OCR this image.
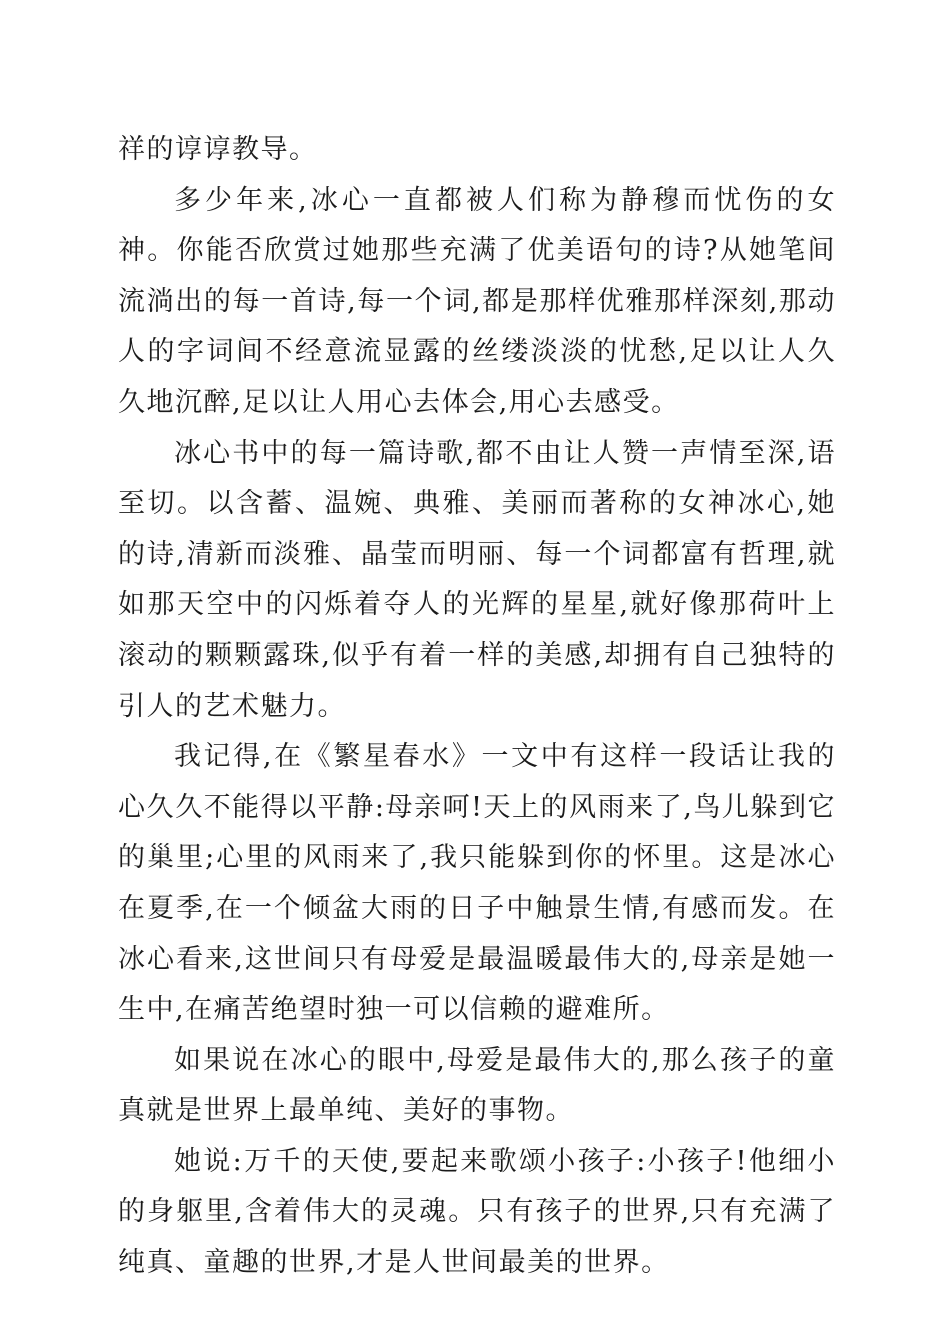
祥的谆谆教导。

多少年来,冰心一直都被人们称为静穆而忧伤的女神。你能否欣赏过她那些充满了优美语句的诗?从她笔间流淌出的每一首诗,每一个词,都是那样优雅那样深刻,那动人的字词间不经意流显露的丝缕淡淡的忧愁,足以让人久久地沉醉,足以让人用心去体会,用心去感受。

冰心书中的每一篇诗歌,都不由让人赞一声情至深,语至切。以含蓄、温婉、典雅、美丽而著称的女神冰心,她的诗,清新而淡雅、晶莹而明丽、每一个词都富有哲理,就如那天空中的闪烁着夺人的光辉的星星,就好像那荷叶上滚动的颗颗露珠,似乎有着一样的美感,却拥有自己独特的引人的艺术魅力。

我记得,在《繁星春水》一文中有这样一段话让我的心久久不能得以平静:母亲呵!天上的风雨来了,鸟儿躲到它的巢里;心里的风雨来了,我只能躲到你的怀里。这是冰心在夏季,在一个倾盆大雨的日子中触景生情,有感而发。在冰心看来,这世间只有母爱是最温暖最伟大的,母亲是她一生中,在痛苦绝望时独一可以信赖的避难所。

如果说在冰心的眼中,母爱是最伟大的,那么孩子的童真就是世界上最单纯、美好的事物。

她说:万千的天使,要起来歌颂小孩子:小孩子!他细小的身躯里,含着伟大的灵魂。只有孩子的世界,只有充满了纯真、童趣的世界,才是人世间最美的世界。
